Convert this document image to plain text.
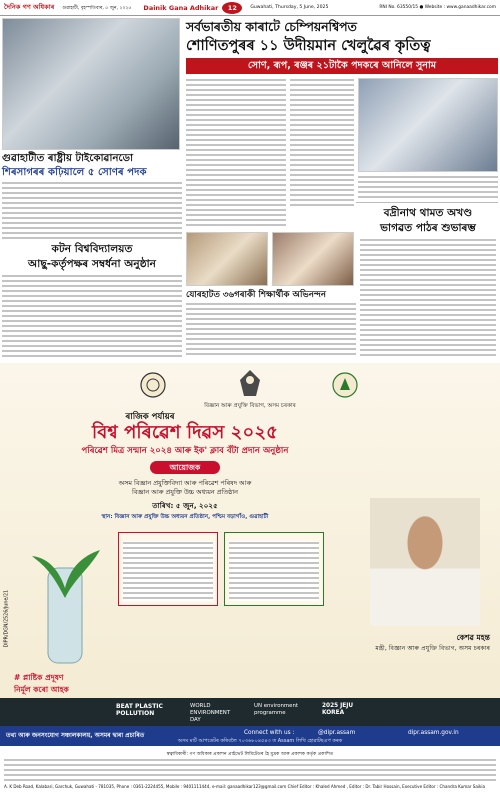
দৈনিক গণ অধিকাৰ	গুৱাহাটী, বৃহস্পতিবাৰ, ৫ জুন, ২০২৫	Dainik Gana Adhikar	12	Guwahati, Thursday, 5 June, 2025	RNI No. 63550/15 ● Website : www.ganaadhikar.com
সৰ্বভাৰতীয় কাৰাটে চেম্পিয়নশ্বিপত
শোণিতপুৰৰ ১১ উদীয়মান খেলুৱৈৰ কৃতিত্ব
সোণ, ৰূপ, ৰঞ্জৰ ২১টাকৈ পদকৰে আনিলে সুনাম
গুৱাহাটীত ৰাষ্ট্ৰীয় টাইকোৱানডো
শিৰসাগৰৰ কঢ়িয়ালে ৫ সোণৰ পদক
বদ্ৰীনাথ থামত অখণ্ড
ভাগৱত পাঠৰ শুভাৰম্ভ
যোৰহাটত ৩৬গৰাকী শিক্ষাৰ্থীক অভিনন্দন
কটন বিশ্ববিদ্যালয়ত
আছু-কৰ্তৃপক্ষৰ সম্বৰ্ধনা অনুষ্ঠান
বিজ্ঞান আৰু প্ৰযুক্তি বিভাগ, অসম চৰকাৰ
ৰাজিক পৰ্যায়ৰ
বিশ্ব পৰিৱেশ দিৱস ২০২৫
পৰিৱেশ মিত্ৰ সন্মান ২০২৪ আৰু ইক' ক্লাব বঁটা প্ৰদান অনুষ্ঠান
আয়োজক
অসম বিজ্ঞান প্ৰযুক্তিবিদ্যা আৰু পৰিৱেশ পৰিষদ আৰু
বিজ্ঞান আৰু প্ৰযুক্তি উচ্চ অধ্যয়ন প্ৰতিষ্ঠান
তাৰিখ: ৫ জুন, ২০২৫
স্থান: বিজ্ঞান আৰু প্ৰযুক্তি উচ্চ অধ্যয়ন প্ৰতিষ্ঠান, পশ্চিম বড়াগাঁও, গুৱাহাটী
# প্লাষ্টিক প্ৰদূষণ
নিৰ্মূল কৰো আহক
কেশৱ মহন্ত
মন্ত্ৰী, বিজ্ঞান আৰু প্ৰযুক্তি বিভাগ, অসম চৰকাৰ
BEAT PLASTIC POLLUTION
WORLD ENVIRONMENT DAY
UN environment programme
2025 JEJU KOREA
DIPR/DGN/2526/June/21
তথ্য আৰু জনসংযোগ সঞ্চালকালয়, অসমৰ দ্বাৰা প্ৰচাৰিত	Connect with us :	@dipr.assam	dipr.assam.gov.in
অসম মাৰ্ট আপডেটৰ কৰিবলৈ ৭০৩৬৮০৪৫৪৩ ত Assam লিখি হোৱাটছএপ কৰক
স্বত্বাধিকাৰী: গণ অধিকাৰ প্ৰকাশন প্ৰাইভেট লিমিটেডৰ হৈ মুদ্ৰক আৰু প্ৰকাশক কৰ্তৃক প্ৰকাশিত
A. K Deb Road, Kalabari, Garchuk, Guwahati - 781035, Phone : 0361-2224455, Mobile : 9401111444, e-mail: ganaadhikar123@gmail.com Chief Editor : Khaled Ahmed , Editor : Dr. Tabir Hossain, Executive Editor : Chandra Kumar Saikia
